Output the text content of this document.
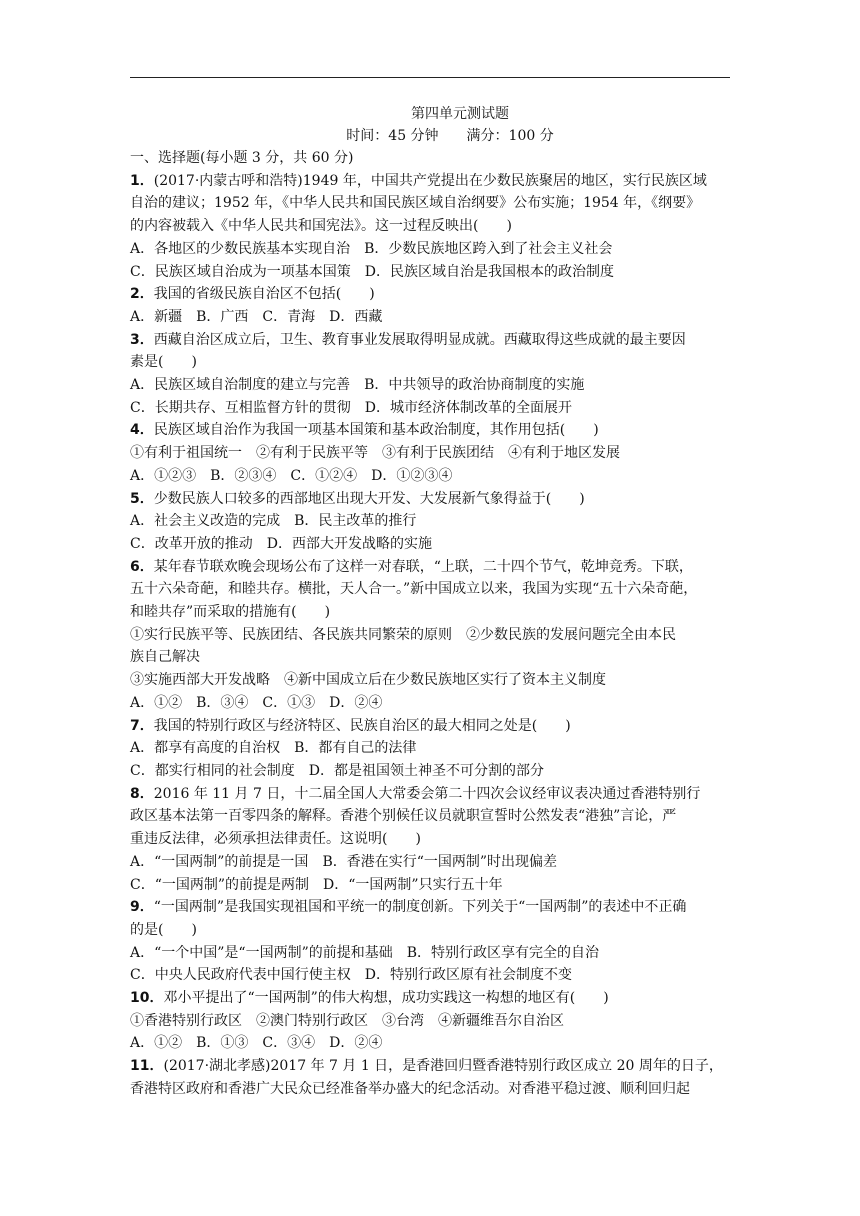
第四单元测试题
时间：45 分钟 满分：100 分
一、选择题(每小题 3 分，共 60 分)
1．(2017·内蒙古呼和浩特)1949 年，中国共产党提出在少数民族聚居的地区，实行民族区域
自治的建议；1952 年，《中华人民共和国民族区域自治纲要》公布实施；1954 年，《纲要》
的内容被载入《中华人民共和国宪法》。这一过程反映出(　　)
A．各地区的少数民族基本实现自治 B．少数民族地区跨入到了社会主义社会
C．民族区域自治成为一项基本国策 D．民族区域自治是我国根本的政治制度
2．我国的省级民族自治区不包括(　　)
A．新疆 B．广西 C．青海 D．西藏
3．西藏自治区成立后，卫生、教育事业发展取得明显成就。西藏取得这些成就的最主要因
素是(　　)
A．民族区域自治制度的建立与完善 B．中共领导的政治协商制度的实施
C．长期共存、互相监督方针的贯彻 D．城市经济体制改革的全面展开
4．民族区域自治作为我国一项基本国策和基本政治制度，其作用包括(　　)
①有利于祖国统一 ②有利于民族平等 ③有利于民族团结 ④有利于地区发展
A．①②③ B．②③④ C．①②④ D．①②③④
5．少数民族人口较多的西部地区出现大开发、大发展新气象得益于(　　)
A．社会主义改造的完成 B．民主改革的推行
C．改革开放的推动 D．西部大开发战略的实施
6．某年春节联欢晚会现场公布了这样一对春联，“上联，二十四个节气，乾坤竞秀。下联，
五十六朵奇葩，和睦共存。横批，天人合一。”新中国成立以来，我国为实现“五十六朵奇葩，
和睦共存”而采取的措施有(　　)
①实行民族平等、民族团结、各民族共同繁荣的原则　②少数民族的发展问题完全由本民
族自己解决
③实施西部大开发战略　④新中国成立后在少数民族地区实行了资本主义制度
A．①② B．③④ C．①③ D．②④
7．我国的特别行政区与经济特区、民族自治区的最大相同之处是(　　)
A．都享有高度的自治权 B．都有自己的法律
C．都实行相同的社会制度 D．都是祖国领土神圣不可分割的部分
8．2016 年 11 月 7 日，十二届全国人大常委会第二十四次会议经审议表决通过香港特别行
政区基本法第一百零四条的解释。香港个别候任议员就职宣誓时公然发表“港独”言论，严
重违反法律，必须承担法律责任。这说明(　　)
A．“一国两制”的前提是一国 B．香港在实行“一国两制”时出现偏差
C．“一国两制”的前提是两制 D．“一国两制”只实行五十年
9．“一国两制”是我国实现祖国和平统一的制度创新。下列关于“一国两制”的表述中不正确
的是(　　)
A．“一个中国”是“一国两制”的前提和基础 B．特别行政区享有完全的自治
C．中央人民政府代表中国行使主权 D．特别行政区原有社会制度不变
10．邓小平提出了“一国两制”的伟大构想，成功实践这一构想的地区有(　　)
①香港特别行政区 ②澳门特别行政区 ③台湾 ④新疆维吾尔自治区
A．①② B．①③ C．③④ D．②④
11．(2017·湖北孝感)2017 年 7 月 1 日，是香港回归暨香港特别行政区成立 20 周年的日子，
香港特区政府和香港广大民众已经准备举办盛大的纪念活动。对香港平稳过渡、顺利回归起
